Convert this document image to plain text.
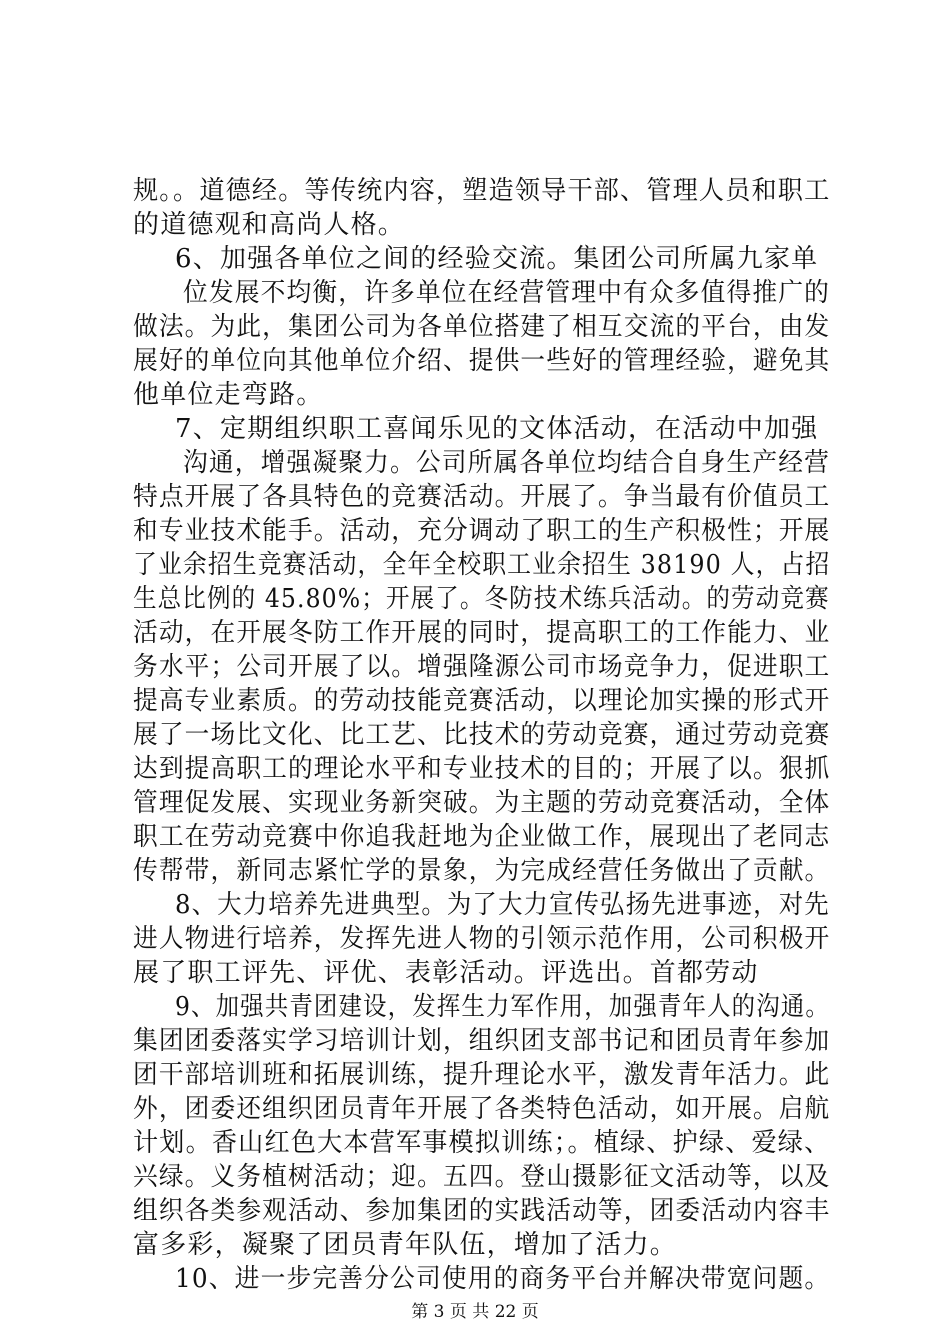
规。。道德经。等传统内容，塑造领导干部、管理人员和职工
的道德观和高尚人格。
6、加强各单位之间的经验交流。集团公司所属九家单
位发展不均衡，许多单位在经营管理中有众多值得推广的
做法。为此，集团公司为各单位搭建了相互交流的平台，由发
展好的单位向其他单位介绍、提供一些好的管理经验，避免其
他单位走弯路。
7、定期组织职工喜闻乐见的文体活动，在活动中加强
沟通，增强凝聚力。公司所属各单位均结合自身生产经营
特点开展了各具特色的竞赛活动。开展了。争当最有价值员工
和专业技术能手。活动，充分调动了职工的生产积极性；开展
了业余招生竞赛活动，全年全校职工业余招生 38190 人，占招
生总比例的 45.80%；开展了。冬防技术练兵活动。的劳动竞赛
活动，在开展冬防工作开展的同时，提高职工的工作能力、业
务水平；公司开展了以。增强隆源公司市场竞争力，促进职工
提高专业素质。的劳动技能竞赛活动，以理论加实操的形式开
展了一场比文化、比工艺、比技术的劳动竞赛，通过劳动竞赛
达到提高职工的理论水平和专业技术的目的；开展了以。狠抓
管理促发展、实现业务新突破。为主题的劳动竞赛活动，全体
职工在劳动竞赛中你追我赶地为企业做工作，展现出了老同志
传帮带，新同志紧忙学的景象，为完成经营任务做出了贡献。
8、大力培养先进典型。为了大力宣传弘扬先进事迹，对先
进人物进行培养，发挥先进人物的引领示范作用，公司积极开
展了职工评先、评优、表彰活动。评选出。首都劳动
9、加强共青团建设，发挥生力军作用，加强青年人的沟通。
集团团委落实学习培训计划，组织团支部书记和团员青年参加
团干部培训班和拓展训练，提升理论水平，激发青年活力。此
外，团委还组织团员青年开展了各类特色活动，如开展。启航
计划。香山红色大本营军事模拟训练；。植绿、护绿、爱绿、
兴绿。义务植树活动；迎。五四。登山摄影征文活动等，以及
组织各类参观活动、参加集团的实践活动等，团委活动内容丰
富多彩，凝聚了团员青年队伍，增加了活力。
10、进一步完善分公司使用的商务平台并解决带宽问题。
第 3 页 共 22 页
